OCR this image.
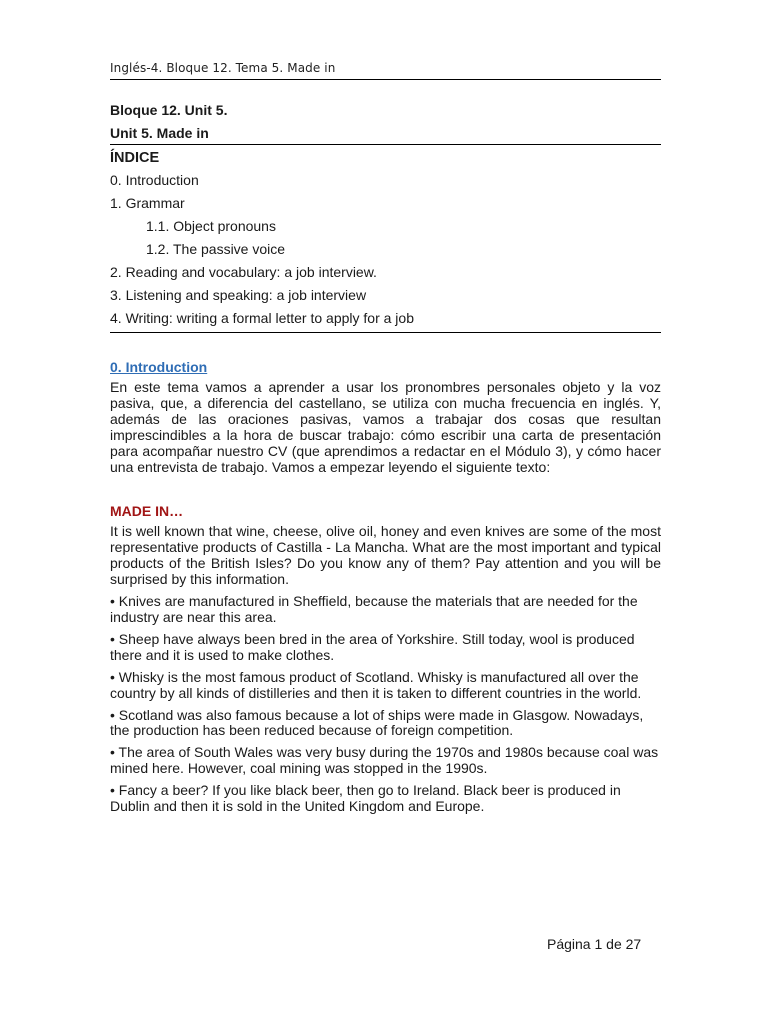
Inglés-4. Bloque 12. Tema 5. Made in

Bloque 12. Unit 5.

Unit 5. Made in

ÍNDICE

0. Introduction
1. Grammar
1.1. Object pronouns
1.2. The passive voice
2. Reading and vocabulary: a job interview.
3. Listening and speaking: a job interview
4. Writing: writing a formal letter to apply for a job

0. Introduction

En este tema vamos a aprender a usar los pronombres personales objeto y la voz pasiva, que, a diferencia del castellano, se utiliza con mucha frecuencia en inglés. Y, además de las oraciones pasivas, vamos a trabajar dos cosas que resultan imprescindibles a la hora de buscar trabajo: cómo escribir una carta de presentación para acompañar nuestro CV (que aprendimos a redactar en el Módulo 3), y cómo hacer una entrevista de trabajo. Vamos a empezar leyendo el siguiente texto:

MADE IN…

It is well known that wine, cheese, olive oil, honey and even knives are some of the most representative products of Castilla - La Mancha. What are the most important and typical products of the British Isles? Do you know any of them? Pay attention and you will be surprised by this information.

• Knives are manufactured in Sheffield, because the materials that are needed for the industry are near this area.

• Sheep have always been bred in the area of Yorkshire. Still today, wool is produced there and it is used to make clothes.

• Whisky is the most famous product of Scotland. Whisky is manufactured all over the country by all kinds of distilleries and then it is taken to different countries in the world.

• Scotland was also famous because a lot of ships were made in Glasgow. Nowadays, the production has been reduced because of foreign competition.

• The area of South Wales was very busy during the 1970s and 1980s because coal was mined here. However, coal mining was stopped in the 1990s.

• Fancy a beer? If you like black beer, then go to Ireland. Black beer is produced in Dublin and then it is sold in the United Kingdom and Europe.

Página 1 de 27
